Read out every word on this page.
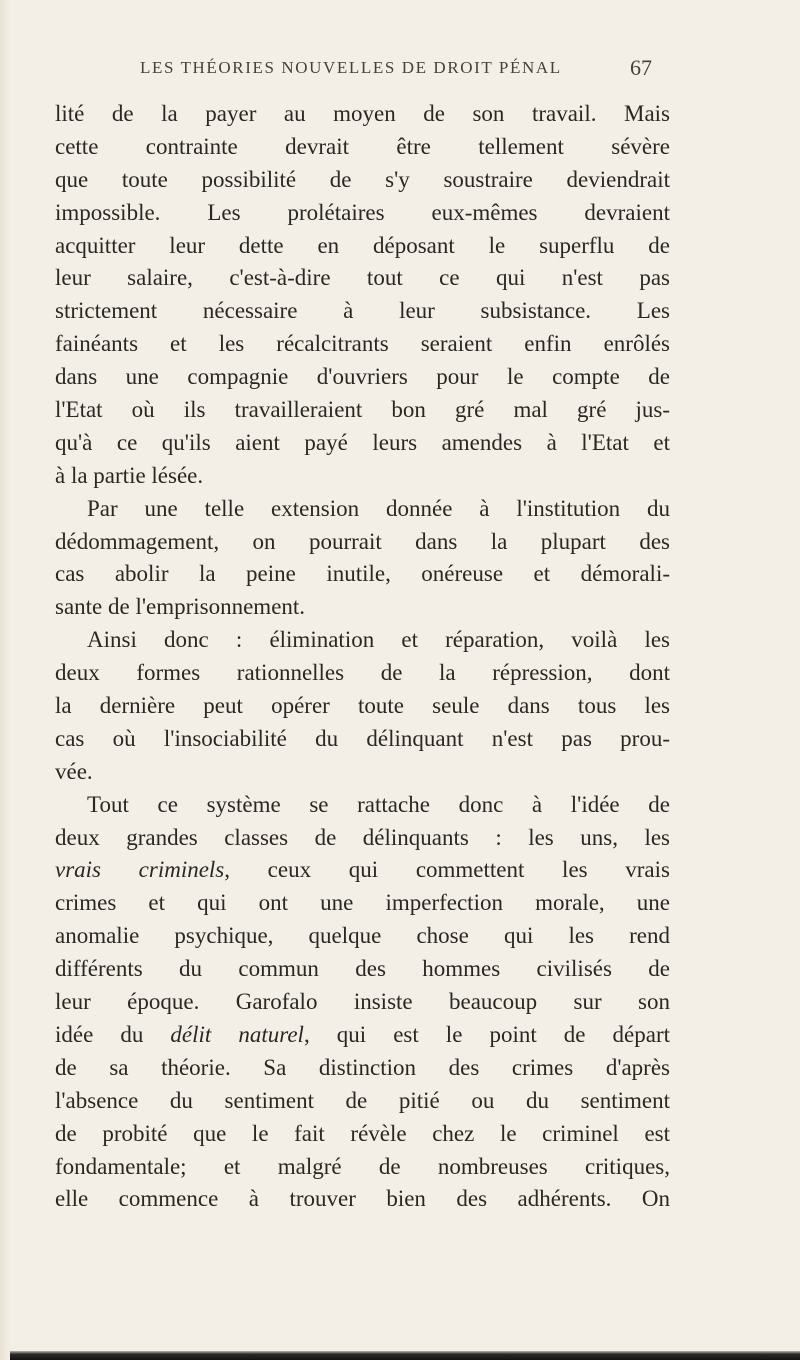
LES THÉORIES NOUVELLES DE DROIT PÉNAL	67
lité de la payer au moyen de son travail. Mais
cette contrainte devrait être tellement sévère
que toute possibilité de s'y soustraire deviendrait
impossible. Les prolétaires eux-mêmes devraient
acquitter leur dette en déposant le superflu de
leur salaire, c'est-à-dire tout ce qui n'est pas
strictement nécessaire à leur subsistance. Les
fainéants et les récalcitrants seraient enfin enrôlés
dans une compagnie d'ouvriers pour le compte de
l'Etat où ils travailleraient bon gré mal gré jus-
qu'à ce qu'ils aient payé leurs amendes à l'Etat et
à la partie lésée.
Par une telle extension donnée à l'institution du
dédommagement, on pourrait dans la plupart des
cas abolir la peine inutile, onéreuse et démorali-
sante de l'emprisonnement.
Ainsi donc : élimination et réparation, voilà les
deux formes rationnelles de la répression, dont
la dernière peut opérer toute seule dans tous les
cas où l'insociabilité du délinquant n'est pas prou-
vée.
Tout ce système se rattache donc à l'idée de
deux grandes classes de délinquants : les uns, les
vrais criminels, ceux qui commettent les vrais
crimes et qui ont une imperfection morale, une
anomalie psychique, quelque chose qui les rend
différents du commun des hommes civilisés de
leur époque. Garofalo insiste beaucoup sur son
idée du délit naturel, qui est le point de départ
de sa théorie. Sa distinction des crimes d'après
l'absence du sentiment de pitié ou du sentiment
de probité que le fait révèle chez le criminel est
fondamentale; et malgré de nombreuses critiques,
elle commence à trouver bien des adhérents. On
